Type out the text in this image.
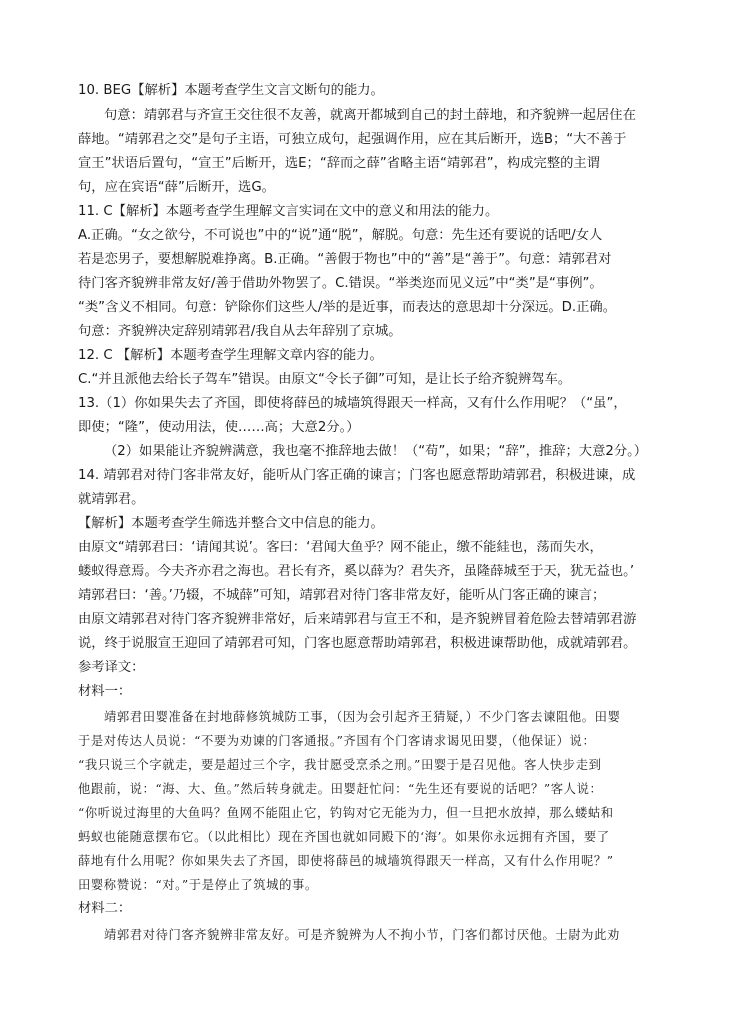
10. BEG【解析】本题考查学生文言文断句的能力。
句意：靖郭君与齐宣王交往很不友善，就离开都城到自己的封土薛地，和齐貌辨一起居住在
薛地。“靖郭君之交”是句子主语，可独立成句，起强调作用，应在其后断开，选B；“大不善于
宣王”状语后置句，“宣王”后断开，选E；“辞而之薛”省略主语“靖郭君”，构成完整的主谓
句，应在宾语“薛”后断开，选G。
11. C【解析】本题考查学生理解文言实词在文中的意义和用法的能力。
A.正确。“女之欲兮，不可说也”中的“说”通“脱”，解脱。句意：先生还有要说的话吧/女人
若是恋男子，要想解脱难挣离。B.正确。“善假于物也”中的“善”是“善于”。句意：靖郭君对
待门客齐貌辨非常友好/善于借助外物罢了。C.错误。“举类迩而见义远”中“类”是“事例”。
“类”含义不相同。句意：铲除你们这些人/举的是近事，而表达的意思却十分深远。D.正确。
句意：齐貌辨决定辞别靖郭君/我自从去年辞别了京城。
12. C 【解析】本题考查学生理解文章内容的能力。
C.“并且派他去给长子驾车”错误。由原文“令长子御”可知，是让长子给齐貌辨驾车。
13.（1）你如果失去了齐国，即使将薛邑的城墙筑得跟天一样高，又有什么作用呢？（“虽”，
即使；“隆”，使动用法，使……高；大意2分。）
（2）如果能让齐貌辨满意，我也毫不推辞地去做！（“苟”，如果；“辞”，推辞；大意2分。）
14. 靖郭君对待门客非常友好，能听从门客正确的谏言；门客也愿意帮助靖郭君，积极进谏，成
就靖郭君。
【解析】本题考查学生筛选并整合文中信息的能力。
由原文“靖郭君曰：‘请闻其说’。客曰：‘君闻大鱼乎？网不能止，缴不能絓也，荡而失水，
蝼蚁得意焉。今夫齐亦君之海也。君长有齐，奚以薛为？君失齐，虽隆薛城至于天，犹无益也。’
靖郭君曰：‘善。’乃辍，不城薛”可知，靖郭君对待门客非常友好，能听从门客正确的谏言；
由原文靖郭君对待门客齐貌辨非常好，后来靖郭君与宣王不和，是齐貌辨冒着危险去替靖郭君游
说，终于说服宣王迎回了靖郭君可知，门客也愿意帮助靖郭君，积极进谏帮助他，成就靖郭君。
参考译文：
材料一：
靖郭君田婴准备在封地薛修筑城防工事，（因为会引起齐王猜疑，）不少门客去谏阻他。田婴
于是对传达人员说：“不要为劝谏的门客通报。”齐国有个门客请求谒见田婴，（他保证）说：
“我只说三个字就走，要是超过三个字，我甘愿受烹杀之刑。”田婴于是召见他。客人快步走到
他跟前，说：“海、大、鱼。”然后转身就走。田婴赶忙问：“先生还有要说的话吧？”客人说：
“你听说过海里的大鱼吗？鱼网不能阻止它，钓钩对它无能为力，但一旦把水放掉，那么蝼蛄和
蚂蚁也能随意摆布它。（以此相比）现在齐国也就如同殿下的‘海’。如果你永远拥有齐国，要了
薛地有什么用呢？你如果失去了齐国，即使将薛邑的城墙筑得跟天一样高，又有什么作用呢？”
田婴称赞说：“对。”于是停止了筑城的事。
材料二：
靖郭君对待门客齐貌辨非常友好。可是齐貌辨为人不拘小节，门客们都讨厌他。士尉为此劝
